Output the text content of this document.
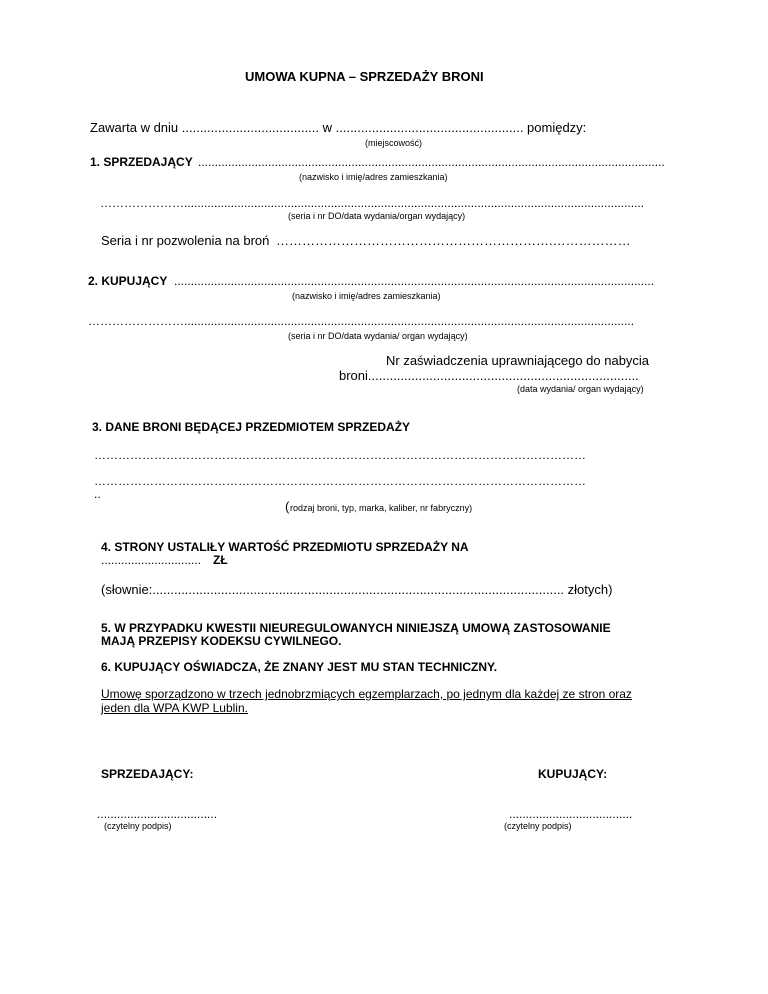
UMOWA KUPNA – SPRZEDAŻY BRONI
Zawarta w dniu ...................................... w .................................................... pomiędzy:
(miejscowość)
1. SPRZEDAJĄCY ............................................................................................................................................
(nazwisko i imię/adres zamieszkania)
…………………..........................................................................................................................................
(seria i nr DO/data wydania/organ wydający)
Seria i nr pozwolenia na broń ……………………………………………………….………………
2. KUPUJĄCY ................................................................................................................................................
(nazwisko i imię/adres zamieszkania)
…………………….......................................................................................................................................
(seria i nr DO/data wydania/ organ wydający)
Nr zaświadczenia uprawniającego do nabycia
broni...........................................................................
(data wydania/ organ wydający)
3. DANE BRONI BĘDĄCEJ PRZEDMIOTEM SPRZEDAŻY
……………………………………………………………………………………………………………
……………………………………………………………………………………………………………
..
( rodzaj broni, typ, marka, kaliber, nr fabryczny)
4. STRONY USTALIŁY WARTOŚĆ PRZEDMIOTU SPRZEDAŻY NA
.............................. ZŁ
(słownie:.................................................................................................................. złotych)
5. W PRZYPADKU KWESTII NIEUREGULOWANYCH NINIEJSZĄ UMOWĄ ZASTOSOWANIE
MAJĄ PRZEPISY KODEKSU CYWILNEGO.
6. KUPUJĄCY OŚWIADCZA, ŻE ZNANY JEST MU STAN TECHNICZNY.
Umowę sporządzono w trzech jednobrzmiących egzemplarzach, po jednym dla każdej ze stron oraz
jeden dla WPA KWP Lublin.
SPRZEDAJĄCY:	KUPUJĄCY:
....................................	.....................................
(czytelny podpis)	(czytelny podpis)
